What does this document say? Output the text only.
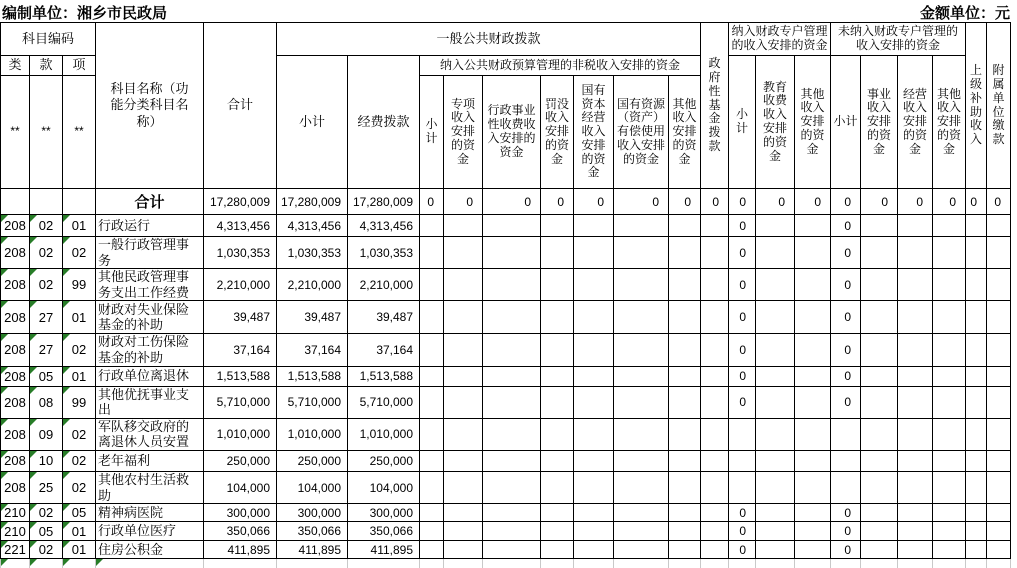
编制单位：湘乡市民政局	金额单位：元
科目编码			科目名称（功能分类科目名称）	合计	一般公共财政拨款									政府性基金拨款	纳入财政专户管理的收入安排的资金			未纳入财政专户管理的收入安排的资金				上级补助收入	附属单位缴款
类	款	项			小计	经费拨款	纳入公共财政预算管理的非税收入安排的资金								小计	教育收费收入安排的资金	其他收入安排的资金	小计	事业收入安排的资金	经营收入安排的资金	其他收入安排的资金		
**	**	**					小计	专项收入安排的资金	行政事业性收费收入安排的资金	罚没收入安排的资金	国有资本经营收入安排的资金	国有资源（资产）有偿使用收入安排的资金	其他收入安排的资金										
			合计	17,280,009	17,280,009	17,280,009	0	0	0	0	0	0	0	0	0	0	0	0	0	0	0	0	0

208	02	01	行政运行	4,313,456	4,313,456	4,313,456									0			0					

208	02	02	一般行政管理事务	1,030,353	1,030,353	1,030,353									0			0					

208	02	99	其他民政管理事务支出工作经费	2,210,000	2,210,000	2,210,000									0			0					

208	27	01	财政对失业保险基金的补助	39,487	39,487	39,487									0			0					

208	27	02	财政对工伤保险基金的补助	37,164	37,164	37,164									0			0					

208	05	01	行政单位离退休	1,513,588	1,513,588	1,513,588									0			0					

208	08	99	其他优抚事业支出	5,710,000	5,710,000	5,710,000									0			0					

208	09	02	军队移交政府的离退休人员安置	1,010,000	1,010,000	1,010,000																	

208	10	02	老年福利	250,000	250,000	250,000																	

208	25	02	其他农村生活救助	104,000	104,000	104,000																	

210	02	05	精神病医院	300,000	300,000	300,000									0			0					

210	05	01	行政单位医疗	350,066	350,066	350,066									0			0					

221	02	01	住房公积金	411,895	411,895	411,895									0			0					
